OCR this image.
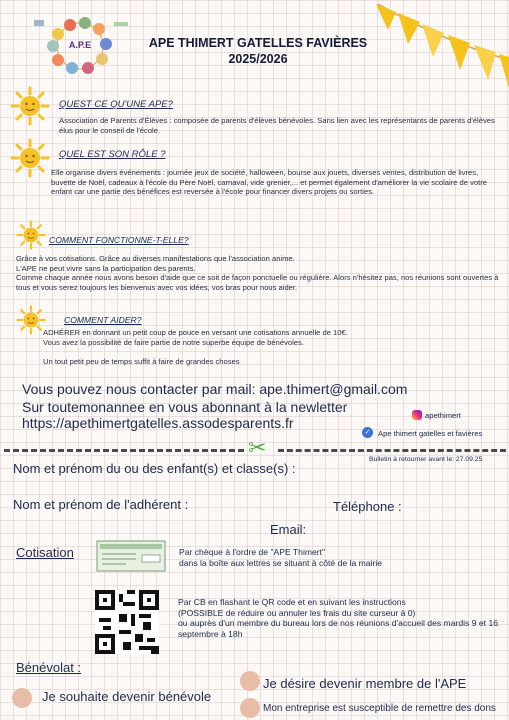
A.P.E	APE THIMERT GATELLES FAVIÈRES
2025/2026
QUEST CE QU'UNE APE?
Association de Parents d'Élèves : composée de parents d'élèves bénévoles. Sans lien avec les représentants de parents d'élèves élus pour le conseil de l'école.
QUEL EST SON RÔLE ?
Elle organise divers événements : journée jeux de société, halloween, bourse aux jouets, diverses ventes, distribution de livres, buvette de Noël, cadeaux à l'école du Père Noël, carnaval, vide grenier,... et permet également d'améliorer la vie scolaire de votre enfant car une partie des bénéfices est reversée à l'école pour financer divers projets ou sorties.
COMMENT FONCTIONNE-T-ELLE?
Grâce à vos cotisations. Grâce au diverses manifestations que l'association anime.
L'APE ne peut vivre sans la participation des parents.
Comme chaque année nous avons besoin d'aide que ce soit de façon ponctuelle ou régulière. Alors n'hésitez pas, nos réunions sont ouvertes à tous et vous serez toujours les bienvenus avec vos idées, vos bras pour nous aider.
COMMENT AIDER?
ADHÉRER en donnant un petit coup de pouce en versant une cotisations annuelle de 10€.
Vous avez la possibilité de faire partie de notre superbe équipe de bénévoles.

Un tout petit peu de temps suffit à faire de grandes choses
Vous pouvez nous contacter par mail: ape.thimert@gmail.com
Sur toutemonannee en vous abonnant à la newletter
https://apethimertgatelles.assodesparents.fr	apethimert
✓ Ape thimert gatelles et favières
✂	Bulletin à retourner avant le: 27.09.25
Nom et prénom du ou des enfant(s) et classe(s) :
Nom et prénom de l'adhérent :	Téléphone :
Email:
Cotisation	Par chèque à l'ordre de "APE Thimert"
dans la boîte aux lettres se situant à côté de la mairie
Par CB en flashant le QR code et en suivant les instructions
(POSSIBLE de réduire ou annuler les frais du site curseur à 0)
ou auprès d'un membre du bureau lors de nos réunions d'accueil des mardis 9 et 16 septembre à 18h
Bénévolat :
Je souhaite devenir bénévole
Je désire devenir membre de l'APE
Mon entreprise est susceptible de remettre des dons
